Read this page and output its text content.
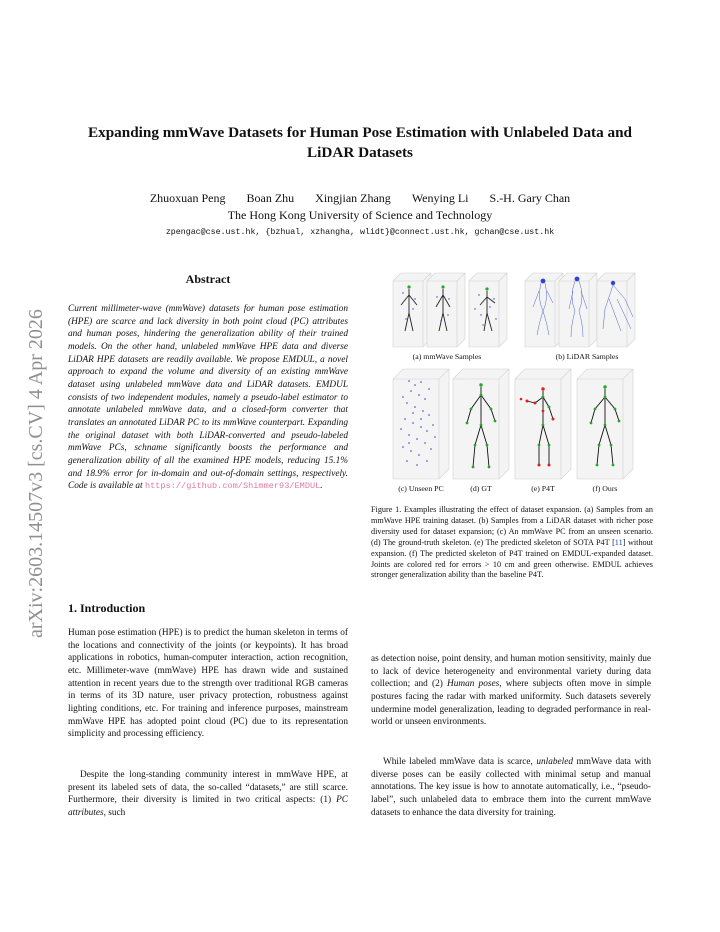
arXiv:2603.14507v3 [cs.CV] 4 Apr 2026
Expanding mmWave Datasets for Human Pose Estimation with Unlabeled Data and LiDAR Datasets
Zhuoxuan Peng Boan Zhu Xingjian Zhang Wenying Li S.-H. Gary Chan
The Hong Kong University of Science and Technology
zpengac@cse.ust.hk, {bzhual, xzhangha, wlidt}@connect.ust.hk, gchan@cse.ust.hk
Abstract

Current millimeter-wave (mmWave) datasets for human pose estimation (HPE) are scarce and lack diversity in both point cloud (PC) attributes and human poses, hindering the generalization ability of their trained models. On the other hand, unlabeled mmWave HPE data and diverse LiDAR HPE datasets are readily available. We propose EMDUL, a novel approach to expand the volume and diversity of an existing mmWave dataset using unlabeled mmWave data and LiDAR datasets. EMDUL consists of two independent modules, namely a pseudo-label estimator to annotate unlabeled mmWave data, and a closed-form converter that translates an annotated LiDAR PC to its mmWave counterpart. Expanding the original dataset with both LiDAR-converted and pseudo-labeled mmWave PCs, schname significantly boosts the performance and generalization ability of all the examined HPE models, reducing 15.1% and 18.9% error for in-domain and out-of-domain settings, respectively. Code is available at https://github.com/Shimmer93/EMDUL.

(a) mmWave Samples	(b) LiDAR Samples
(c) Unseen PC	(d) GT	(e) P4T	(f) Ours

Figure 1. Examples illustrating the effect of dataset expansion. (a) Samples from an mmWave HPE training dataset. (b) Samples from a LiDAR dataset with richer pose diversity used for dataset expansion; (c) An mmWave PC from an unseen scenario. (d) The ground-truth skeleton. (e) The predicted skeleton of SOTA P4T [11] without expansion. (f) The predicted skeleton of P4T trained on EMDUL-expanded dataset. Joints are colored red for errors > 10 cm and green otherwise. EMDUL achieves stronger generalization ability than the baseline P4T.

1. Introduction

Human pose estimation (HPE) is to predict the human skeleton in terms of the locations and connectivity of the joints (or keypoints). It has broad applications in robotics, human-computer interaction, action recognition, etc. Millimeter-wave (mmWave) HPE has drawn wide and sustained attention in recent years due to the strength over traditional RGB cameras in terms of its 3D nature, user privacy protection, robustness against lighting conditions, etc. For training and inference purposes, mainstream mmWave HPE has adopted point cloud (PC) due to its representation simplicity and processing efficiency.

Despite the long-standing community interest in mmWave HPE, at present its labeled sets of data, the so-called “datasets,” are still scarce. Furthermore, their diversity is limited in two critical aspects: (1) PC attributes, such

as detection noise, point density, and human motion sensitivity, mainly due to lack of device heterogeneity and environmental variety during data collection; and (2) Human poses, where subjects often move in simple postures facing the radar with marked uniformity. Such datasets severely undermine model generalization, leading to degraded performance in real-world or unseen environments.

While labeled mmWave data is scarce, unlabeled mmWave data with diverse poses can be easily collected with minimal setup and manual annotations. The key issue is how to annotate automatically, i.e., “pseudo-label”, such unlabeled data to embrace them into the current mmWave datasets to enhance the data diversity for training.
